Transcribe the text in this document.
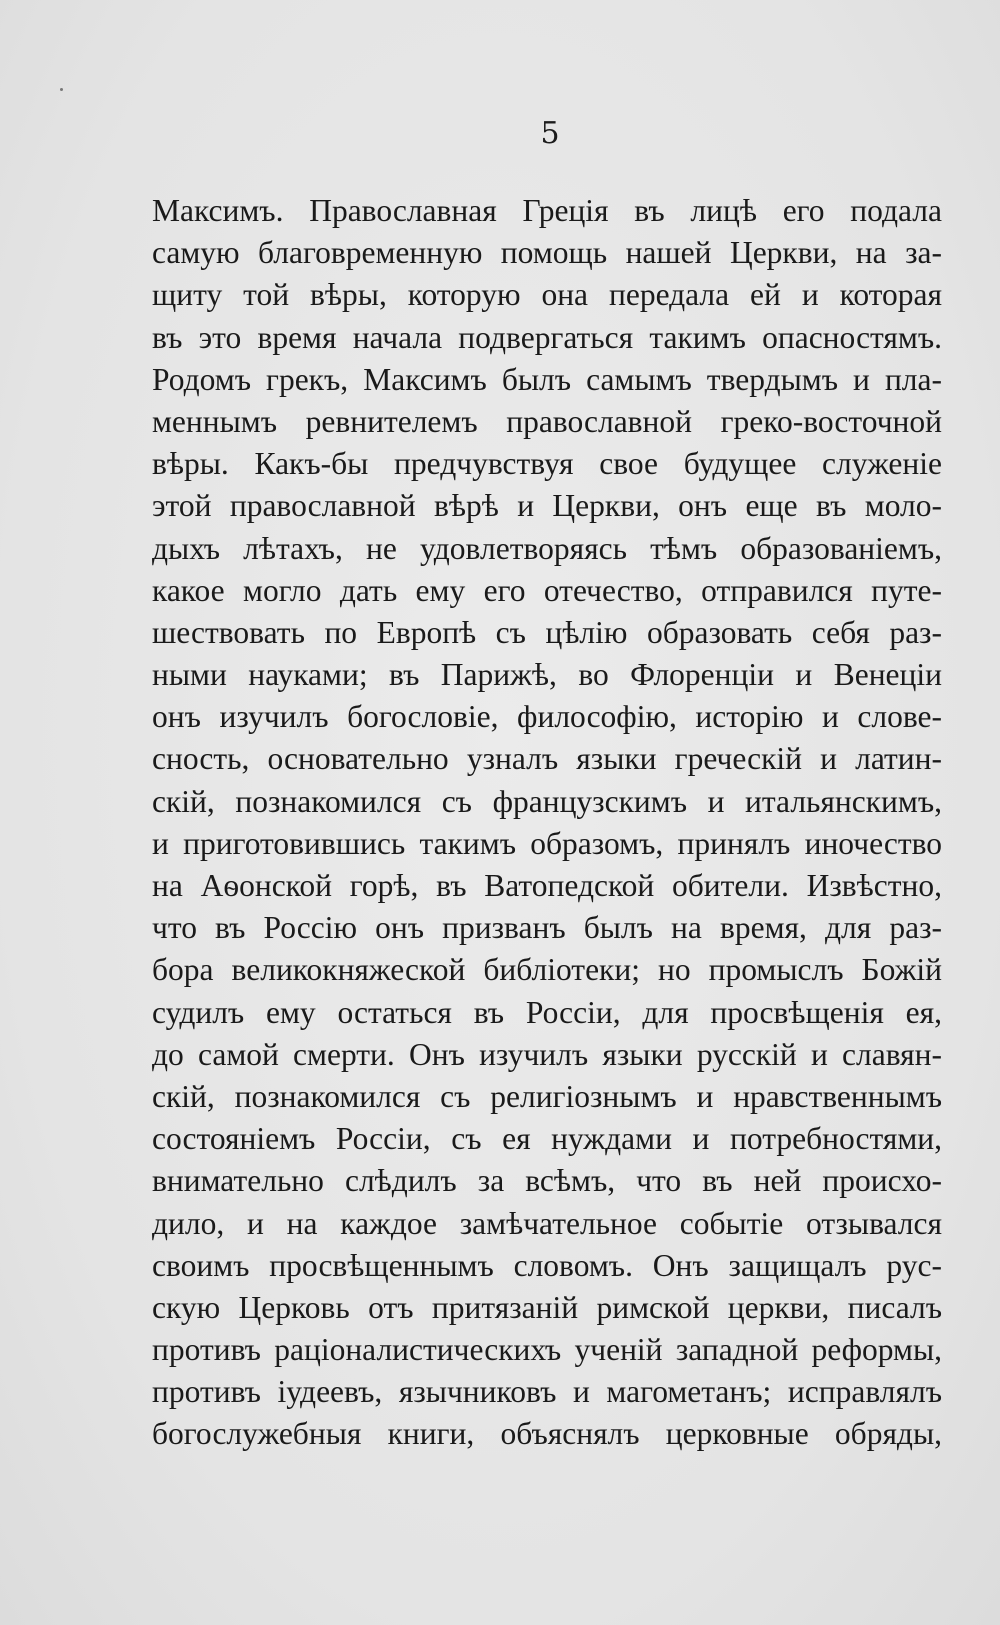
5
Максимъ. Православная Грецiя въ лицѣ его подала
самую благовременную помощь нашей Церкви, на за-
щиту той вѣры, которую она передала ей и которая
въ это время начала подвергаться такимъ опасностямъ.
Родомъ грекъ, Максимъ былъ самымъ твердымъ и пла-
меннымъ ревнителемъ православной греко-восточной
вѣры. Какъ-бы предчувствуя свое будущее служенiе
этой православной вѣрѣ и Церкви, онъ еще въ моло-
дыхъ лѣтахъ, не удовлетворяясь тѣмъ образованiемъ,
какое могло дать ему его отечество, отправился путе-
шествовать по Европѣ съ цѣлiю образовать себя раз-
ными науками; въ Парижѣ, во Флоренцiи и Венецiи
онъ изучилъ богословiе, философiю, исторiю и слове-
сность, основательно узналъ языки греческiй и латин-
скiй, познакомился съ французскимъ и итальянскимъ,
и приготовившись такимъ образомъ, принялъ иночество
на Аѳонской горѣ, въ Ватопедской обители. Извѣстно,
что въ Россiю онъ призванъ былъ на время, для раз-
бора великокняжеской библiотеки; но промыслъ Божiй
судилъ ему остаться въ Россiи, для просвѣщенiя ея,
до самой смерти. Онъ изучилъ языки русскiй и славян-
скiй, познакомился съ религiознымъ и нравственнымъ
состоянiемъ Россiи, съ ея нуждами и потребностями,
внимательно слѣдилъ за всѣмъ, что въ ней происхо-
дило, и на каждое замѣчательное событiе отзывался
своимъ просвѣщеннымъ словомъ. Онъ защищалъ рус-
скую Церковь отъ притязанiй римской церкви, писалъ
противъ рацiоналистическихъ ученiй западной реформы,
противъ iудеевъ, язычниковъ и магометанъ; исправлялъ
богослужебныя книги, объяснялъ церковные обряды,
